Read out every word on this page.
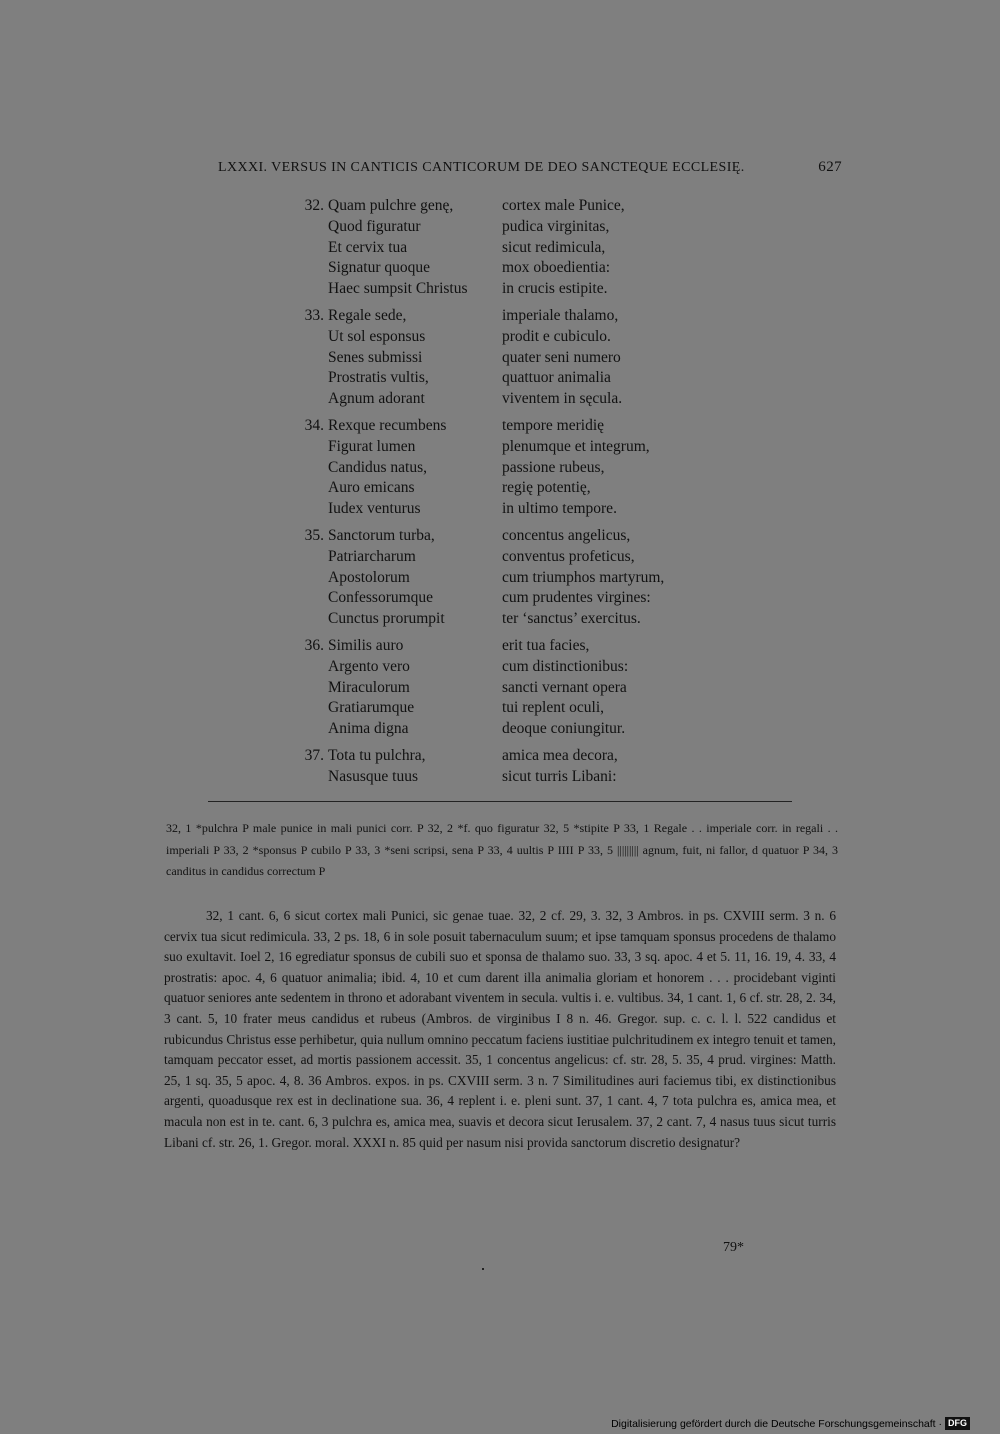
LXXXI. VERSUS IN CANTICIS CANTICORUM DE DEO SANCTEQUE ECCLESIĘ.	627
32. Quam pulchre genę,	cortex male Punice,
Quod figuratur	pudica virginitas,
Et cervix tua	sicut redimicula,
Signatur quoque	mox oboedientia:
Haec sumpsit Christus	in crucis estipite.
33. Regale sede,	imperiale thalamo,
Ut sol esponsus	prodit e cubiculo.
Senes submissi	quater seni numero
Prostratis vultis,	quattuor animalia
Agnum adorant	viventem in sęcula.
34. Rexque recumbens	tempore meridię
Figurat lumen	plenumque et integrum,
Candidus natus,	passione rubeus,
Auro emicans	regię potentię,
Iudex venturus	in ultimo tempore.
35. Sanctorum turba,	concentus angelicus,
Patriarcharum	conventus profeticus,
Apostolorum	cum triumphos martyrum,
Confessorumque	cum prudentes virgines:
Cunctus prorumpit	ter ‘sanctus’ exercitus.
36. Similis auro	erit tua facies,
Argento vero	cum distinctionibus:
Miraculorum	sancti vernant opera
Gratiarumque	tui replent oculi,
Anima digna	deoque coniungitur.
37. Tota tu pulchra,	amica mea decora,
Nasusque tuus	sicut turris Libani:
32, 1 *pulchra P male punice in mali punici corr. P 32, 2 *f. quo figuratur 32, 5 *stipite P 33, 1 Regale . . imperiale corr. in regali . . imperiali P 33, 2 *sponsus P cubilo P 33, 3 *seni scripsi, sena P 33, 4 uultis P IIII P 33, 5 ||||||||| agnum, fuit, ni fallor, d quatuor P 34, 3 canditus in candidus correctum P
32, 1 cant. 6, 6 sicut cortex mali Punici, sic genae tuae. 32, 2 cf. 29, 3. 32, 3 Ambros. in ps. CXVIII serm. 3 n. 6 cervix tua sicut redimicula. 33, 2 ps. 18, 6 in sole posuit tabernaculum suum; et ipse tamquam sponsus procedens de thalamo suo exultavit. Ioel 2, 16 egrediatur sponsus de cubili suo et sponsa de thalamo suo. 33, 3 sq. apoc. 4 et 5. 11, 16. 19, 4. 33, 4 prostratis: apoc. 4, 6 quatuor animalia; ibid. 4, 10 et cum darent illa animalia gloriam et honorem . . . procidebant viginti quatuor seniores ante sedentem in throno et adorabant viventem in secula. vultis i. e. vultibus. 34, 1 cant. 1, 6 cf. str. 28, 2. 34, 3 cant. 5, 10 frater meus candidus et rubeus (Ambros. de virginibus I 8 n. 46. Gregor. sup. c. c. l. l. 522 candidus et rubicundus Christus esse perhibetur, quia nullum omnino peccatum faciens iustitiae pulchritudinem ex integro tenuit et tamen, tamquam peccator esset, ad mortis passionem accessit. 35, 1 concentus angelicus: cf. str. 28, 5. 35, 4 prud. virgines: Matth. 25, 1 sq. 35, 5 apoc. 4, 8. 36 Ambros. expos. in ps. CXVIII serm. 3 n. 7 Similitudines auri faciemus tibi, ex distinctionibus argenti, quoadusque rex est in declinatione sua. 36, 4 replent i. e. pleni sunt. 37, 1 cant. 4, 7 tota pulchra es, amica mea, et macula non est in te. cant. 6, 3 pulchra es, amica mea, suavis et decora sicut Ierusalem. 37, 2 cant. 7, 4 nasus tuus sicut turris Libani cf. str. 26, 1. Gregor. moral. XXXI n. 85 quid per nasum nisi provida sanctorum discretio designatur?
79*
Digitalisierung gefördert durch die Deutsche Forschungsgemeinschaft · DFG
